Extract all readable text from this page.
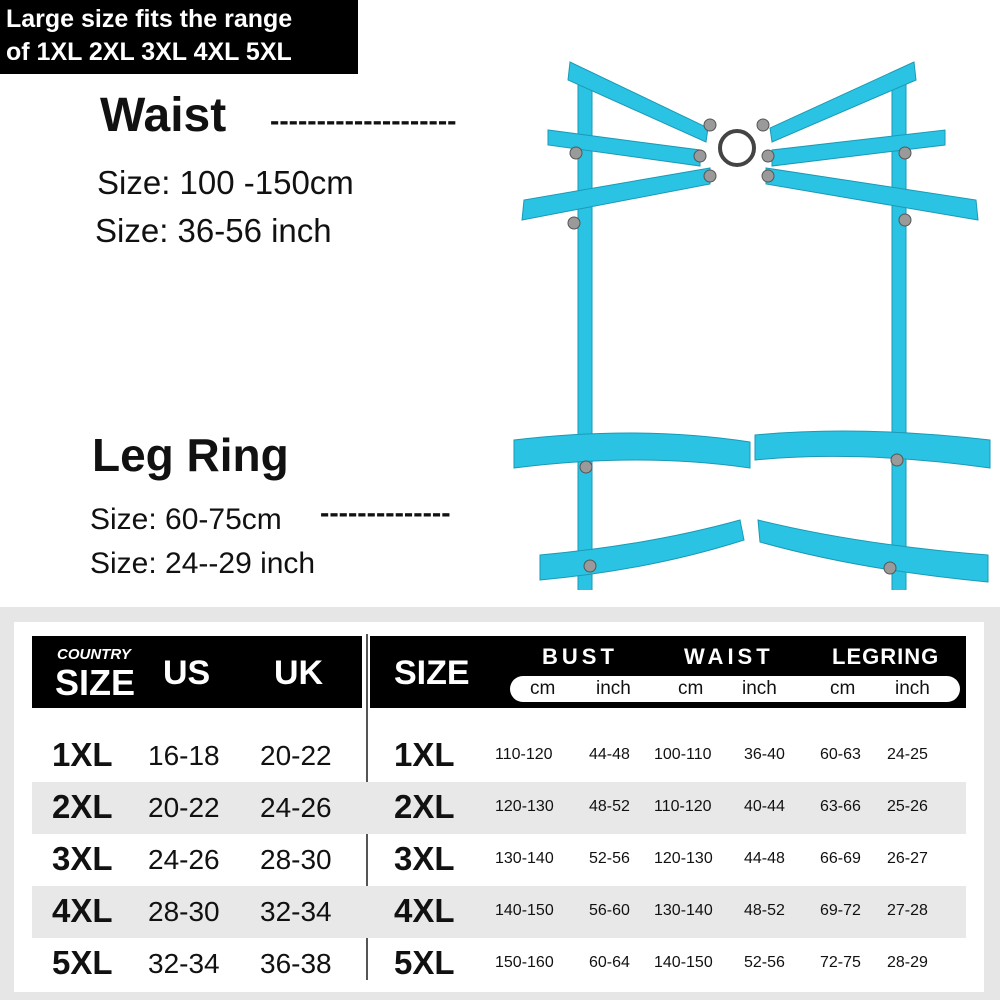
Large size fits the range
of 1XL 2XL 3XL 4XL 5XL
Waist --------------------
Size: 100 -150cm
Size: 36-56 inch
Leg Ring
Size: 60-75cm --------------
Size: 24--29 inch
COUNTRY
SIZE US UK SIZE	BUST	WAIST	LEGRING
cm inch cm inch	cm inch
1XL 16-18 20-22 1XL	110-120 44-48 100-110 36-40 60-63 24-25
2XL 20-22 24-26 2XL	120-130 48-52 110-120 40-44 63-66 25-26
3XL 24-26 28-30 3XL	130-140 52-56 120-130 44-48 66-69 26-27
4XL 28-30 32-34 4XL	140-150 56-60 130-140 48-52 69-72 27-28
5XL 32-34 36-38 5XL	150-160 60-64 140-150 52-56 72-75 28-29
